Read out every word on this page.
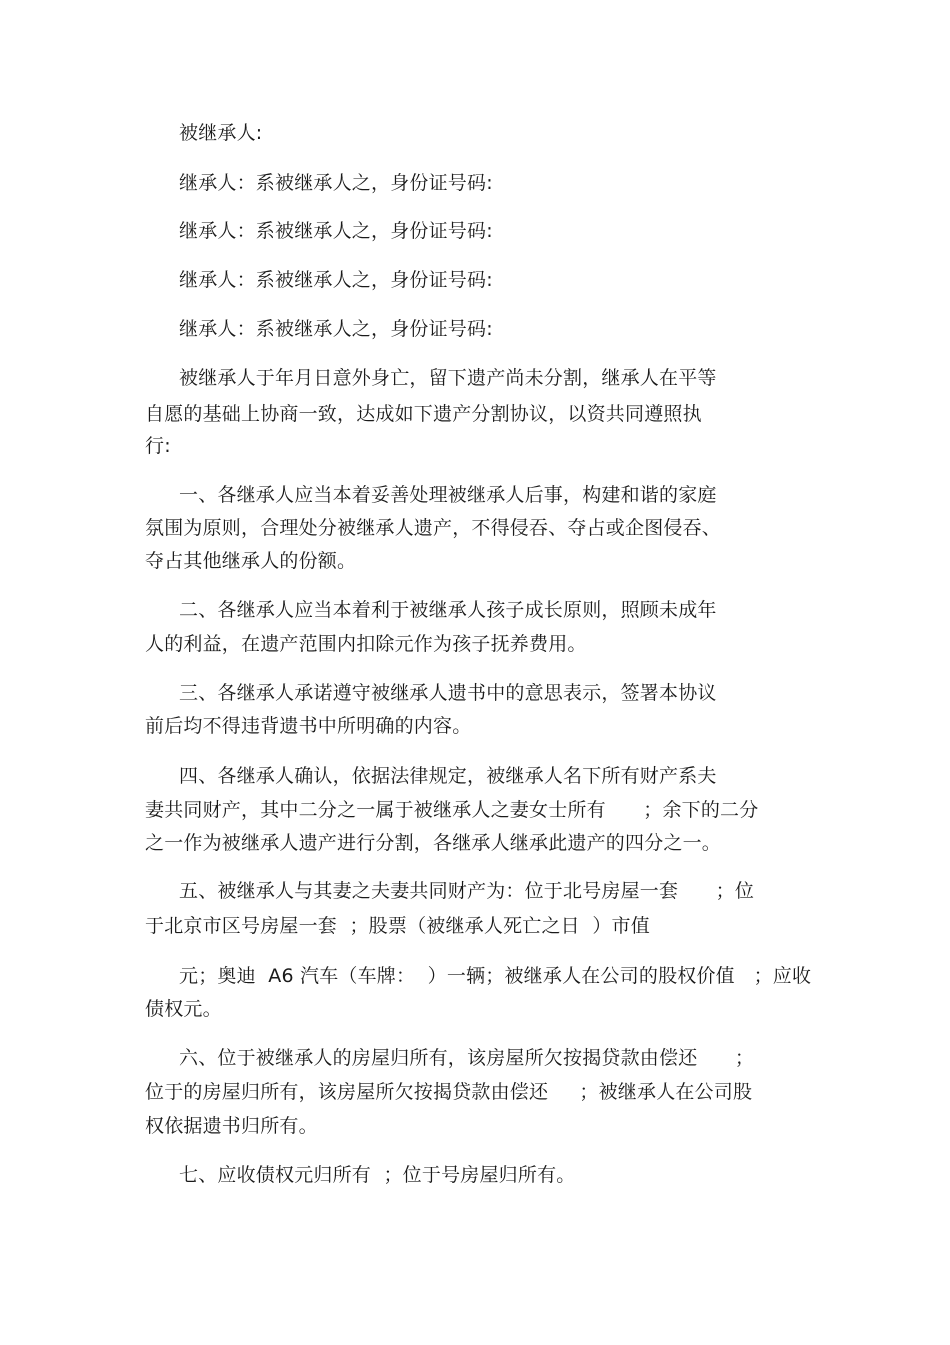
被继承人:
继承人：系被继承人之，身份证号码:
继承人：系被继承人之，身份证号码:
继承人：系被继承人之，身份证号码:
继承人：系被继承人之，身份证号码:
被继承人于年月日意外身亡，留下遗产尚未分割，继承人在平等
自愿的基础上协商一致，达成如下遗产分割协议，以资共同遵照执
行:
一、各继承人应当本着妥善处理被继承人后事，构建和谐的家庭
氛围为原则，合理处分被继承人遗产，不得侵吞、夺占或企图侵吞、
夺占其他继承人的份额。
二、各继承人应当本着利于被继承人孩子成长原则，照顾未成年
人的利益，在遗产范围内扣除元作为孩子抚养费用。
三、各继承人承诺遵守被继承人遗书中的意思表示，签署本协议
前后均不得违背遗书中所明确的内容。
四、各继承人确认，依据法律规定，被继承人名下所有财产系夫
妻共同财产，其中二分之一属于被继承人之妻女士所有      ；余下的二分
之一作为被继承人遗产进行分割，各继承人继承此遗产的四分之一。
五、被继承人与其妻之夫妻共同财产为：位于北号房屋一套      ；位
于北京市区号房屋一套  ；股票（被继承人死亡之日  ）市值
元；奥迪  A6 汽车（车牌：  ）一辆；被继承人在公司的股权价值   ；应收
债权元。
六、位于被继承人的房屋归所有，该房屋所欠按揭贷款由偿还      ；
位于的房屋归所有，该房屋所欠按揭贷款由偿还     ；被继承人在公司股
权依据遗书归所有。
七、应收债权元归所有  ；位于号房屋归所有。
